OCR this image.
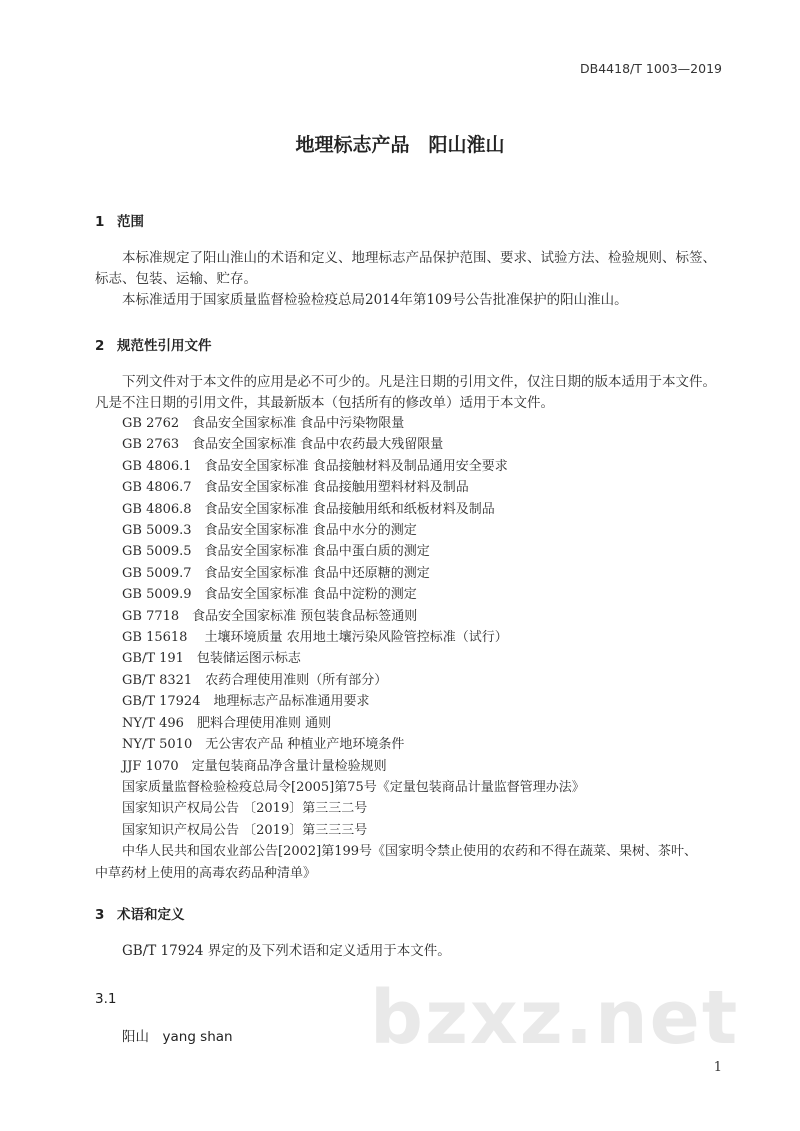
DB4418/T 1003—2019
地理标志产品　阳山淮山
1 范围
本标准规定了阳山淮山的术语和定义、地理标志产品保护范围、要求、试验方法、检验规则、标签、标志、包装、运输、贮存。
本标准适用于国家质量监督检验检疫总局2014年第109号公告批准保护的阳山淮山。
2 规范性引用文件
下列文件对于本文件的应用是必不可少的。凡是注日期的引用文件，仅注日期的版本适用于本文件。凡是不注日期的引用文件，其最新版本（包括所有的修改单）适用于本文件。
GB 2762　食品安全国家标准 食品中污染物限量
GB 2763　食品安全国家标准 食品中农药最大残留限量
GB 4806.1　食品安全国家标准 食品接触材料及制品通用安全要求
GB 4806.7　食品安全国家标准 食品接触用塑料材料及制品
GB 4806.8　食品安全国家标准 食品接触用纸和纸板材料及制品
GB 5009.3　食品安全国家标准 食品中水分的测定
GB 5009.5　食品安全国家标准 食品中蛋白质的测定
GB 5009.7　食品安全国家标准 食品中还原糖的测定
GB 5009.9　食品安全国家标准 食品中淀粉的测定
GB 7718　食品安全国家标准 预包装食品标签通则
GB 15618　 土壤环境质量 农用地土壤污染风险管控标准（试行）
GB/T 191　包装储运图示标志
GB/T 8321　农药合理使用准则（所有部分）
GB/T 17924　地理标志产品标准通用要求
NY/T 496　肥料合理使用准则 通则
NY/T 5010　无公害农产品 种植业产地环境条件
JJF 1070　定量包装商品净含量计量检验规则
国家质量监督检验检疫总局令[2005]第75号《定量包装商品计量监督管理办法》
国家知识产权局公告 〔2019〕第三三二号
国家知识产权局公告 〔2019〕第三三三号
中华人民共和国农业部公告[2002]第199号《国家明令禁止使用的农药和不得在蔬菜、果树、茶叶、
中草药材上使用的高毒农药品种清单》
3 术语和定义
GB/T 17924 界定的及下列术语和定义适用于本文件。
bzxz.net
3.1
阳山　yang shan
1
